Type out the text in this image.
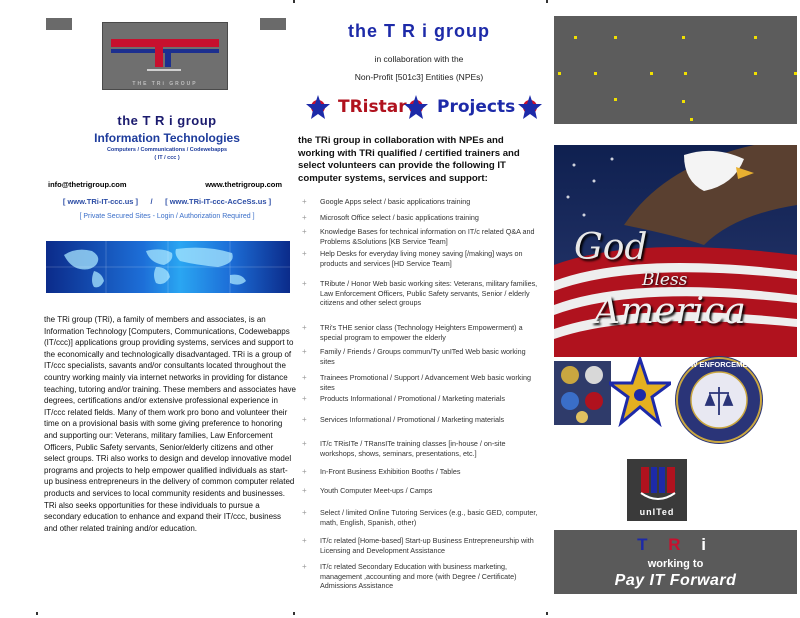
THE TRi GROUP
the T R i group
Information Technologies
Computers / Communications / Codewebapps
( IT / ccc )
info@thetrigroup.com	www.thetrigroup.com
[ www.TRi-IT-ccc.us ]      /      [ www.TRi-IT-ccc-AcCeSs.us ]
[ Private Secured Sites - Login / Authorization Required ]
the TRi group (TRi), a family of members and associates, is an Information Technology [Computers, Communications, Codewebapps (IT/ccc)] applications group providing systems, services and support to the economically and technologically disadvantaged. TRi is a group of IT/ccc specialists, savants and/or consultants located throughout the country working mainly via internet networks in providing for distance teaching, tutoring and/or training. These members and associates have degrees, certifications and/or extensive professional experience in IT/ccc related fields. Many of them work pro bono and volunteer their time on a provisional basis with some giving preference to honoring and supporting our: Veterans, military families, Law Enforcement Officers, Public Safety servants, Senior/elderly citizens and other select groups. TRi also works to design and develop innovative model programs and projects to help empower qualified individuals as start-up business entrepreneurs in the delivery of common computer related products and services to local community residents and businesses. TRi also seeks opportunities for these individuals to pursue a secondary education to enhance and expand their IT/ccc, business and other related training and/or education.
the T R i group
in collaboration with the
Non-Profit [501c3] Entities (NPEs)
TRistar Projects
the TRi group in collaboration with NPEs and working with TRi qualified / certified trainers and select volunteers can provide the following IT computer systems, services and support:
+ Google Apps select / basic applications training
+ Microsoft Office select / basic applications training
+ Knowledge Bases for technical information on IT/c related Q&A and Problems &Solutions [KB Service Team]
+ Help Desks for everyday living money saving [/making] ways on products and services [HD Service Team]
+ TRibute / Honor Web basic working sites: Veterans, military families, Law Enforcement Officers, Public Safety servants, Senior / elderly citizens and other select groups
+ TRi's THE senior class (Technology Heighters Empowerment) a special program to empower the elderly
+ Family / Friends / Groups commun/Ty unITed Web basic working sites
+ Trainees Promotional / Support / Advancement Web basic working sites
+ Products Informational / Promotional / Marketing materials
+ Services Informational / Promotional / Marketing materials
+ IT/c TRisITe / TRansITe training classes [in-house / on-site workshops, shows, seminars, presentations, etc.]
+ In-Front Business Exhibition Booths / Tables
+ Youth Computer Meet-ups / Camps
+ Select / limited Online Tutoring Services (e.g., basic GED, computer, math, English, Spanish, other)
+ IT/c related [Home-based] Start-up Business Entrepreneurship with Licensing and Development Assistance
+ IT/c related Secondary Education with business marketing, management ,accounting and more (with Degree / Certificate) Admissions Assistance
God
Bless
America
LAW ENFORCEMENT
unITed
T R i
working to
Pay IT Forward
